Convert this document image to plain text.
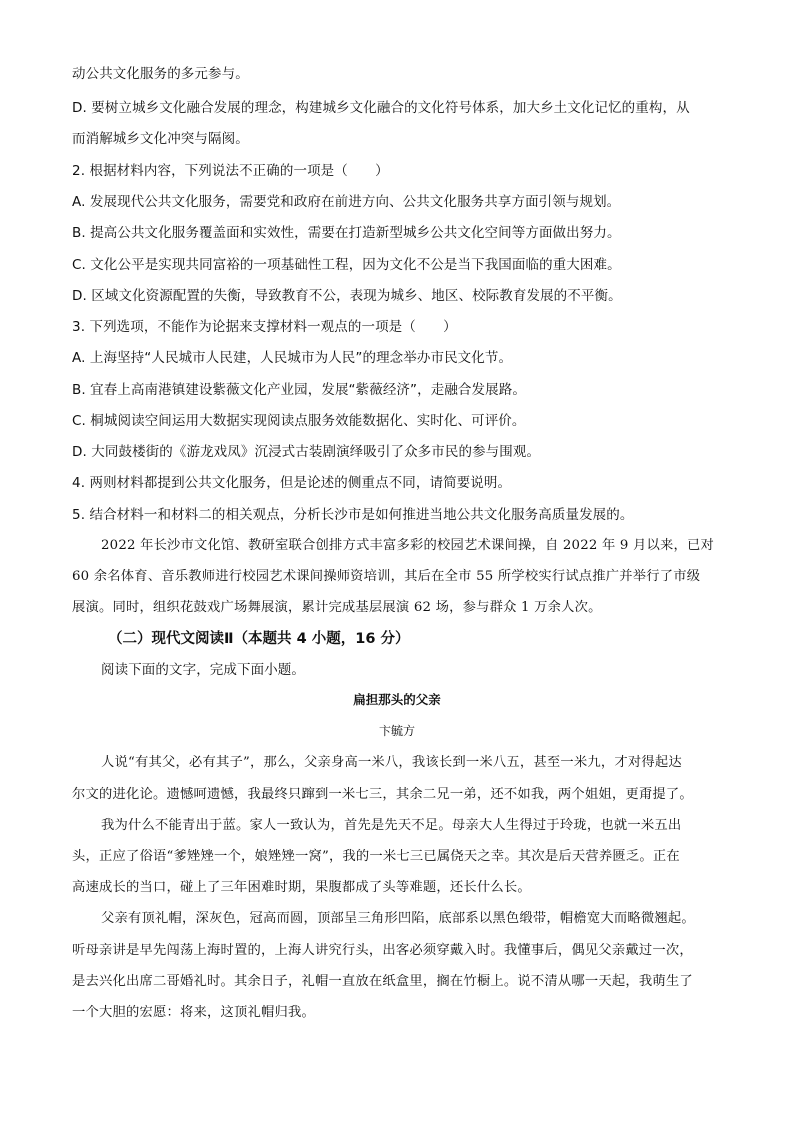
动公共文化服务的多元参与。
D. 要树立城乡文化融合发展的理念，构建城乡文化融合的文化符号体系，加大乡土文化记忆的重构，从
而消解城乡文化冲突与隔阂。
2. 根据材料内容，下列说法不正确的一项是（　　）
A. 发展现代公共文化服务，需要党和政府在前进方向、公共文化服务共享方面引领与规划。
B. 提高公共文化服务覆盖面和实效性，需要在打造新型城乡公共文化空间等方面做出努力。
C. 文化公平是实现共同富裕的一项基础性工程，因为文化不公是当下我国面临的重大困难。
D. 区域文化资源配置的失衡，导致教育不公，表现为城乡、地区、校际教育发展的不平衡。
3. 下列选项，不能作为论据来支撑材料一观点的一项是（　　）
A. 上海坚持“人民城市人民建，人民城市为人民”的理念举办市民文化节。
B. 宜春上高南港镇建设紫薇文化产业园，发展“紫薇经济”，走融合发展路。
C. 桐城阅读空间运用大数据实现阅读点服务效能数据化、实时化、可评价。
D. 大同鼓楼街的《游龙戏凤》沉浸式古装剧演绎吸引了众多市民的参与围观。
4. 两则材料都提到公共文化服务，但是论述的侧重点不同，请简要说明。
5. 结合材料一和材料二的相关观点，分析长沙市是如何推进当地公共文化服务高质量发展的。
2022 年长沙市文化馆、教研室联合创排方式丰富多彩的校园艺术课间操，自 2022 年 9 月以来，已对
60 余名体育、音乐教师进行校园艺术课间操师资培训，其后在全市 55 所学校实行试点推广并举行了市级
展演。同时，组织花鼓戏广场舞展演，累计完成基层展演 62 场，参与群众 1 万余人次。
（二）现代文阅读Ⅱ（本题共 4 小题，16 分）
阅读下面的文字，完成下面小题。
扁担那头的父亲
卞毓方
人说“有其父，必有其子”，那么，父亲身高一米八，我该长到一米八五，甚至一米九，才对得起达
尔文的进化论。遗憾呵遗憾，我最终只蹿到一米七三，其余二兄一弟，还不如我，两个姐姐，更甭提了。
我为什么不能青出于蓝。家人一致认为，首先是先天不足。母亲大人生得过于玲珑，也就一米五出
头，正应了俗语“爹矬矬一个，娘矬矬一窝”，我的一米七三已属侥天之幸。其次是后天营养匮乏。正在
高速成长的当口，碰上了三年困难时期，果腹都成了头等难题，还长什么长。
父亲有顶礼帽，深灰色，冠高而圆，顶部呈三角形凹陷，底部系以黑色缎带，帽檐宽大而略微翘起。
听母亲讲是早先闯荡上海时置的，上海人讲究行头，出客必须穿戴入时。我懂事后，偶见父亲戴过一次，
是去兴化出席二哥婚礼时。其余日子，礼帽一直放在纸盒里，搁在竹橱上。说不清从哪一天起，我萌生了
一个大胆的宏愿：将来，这顶礼帽归我。
